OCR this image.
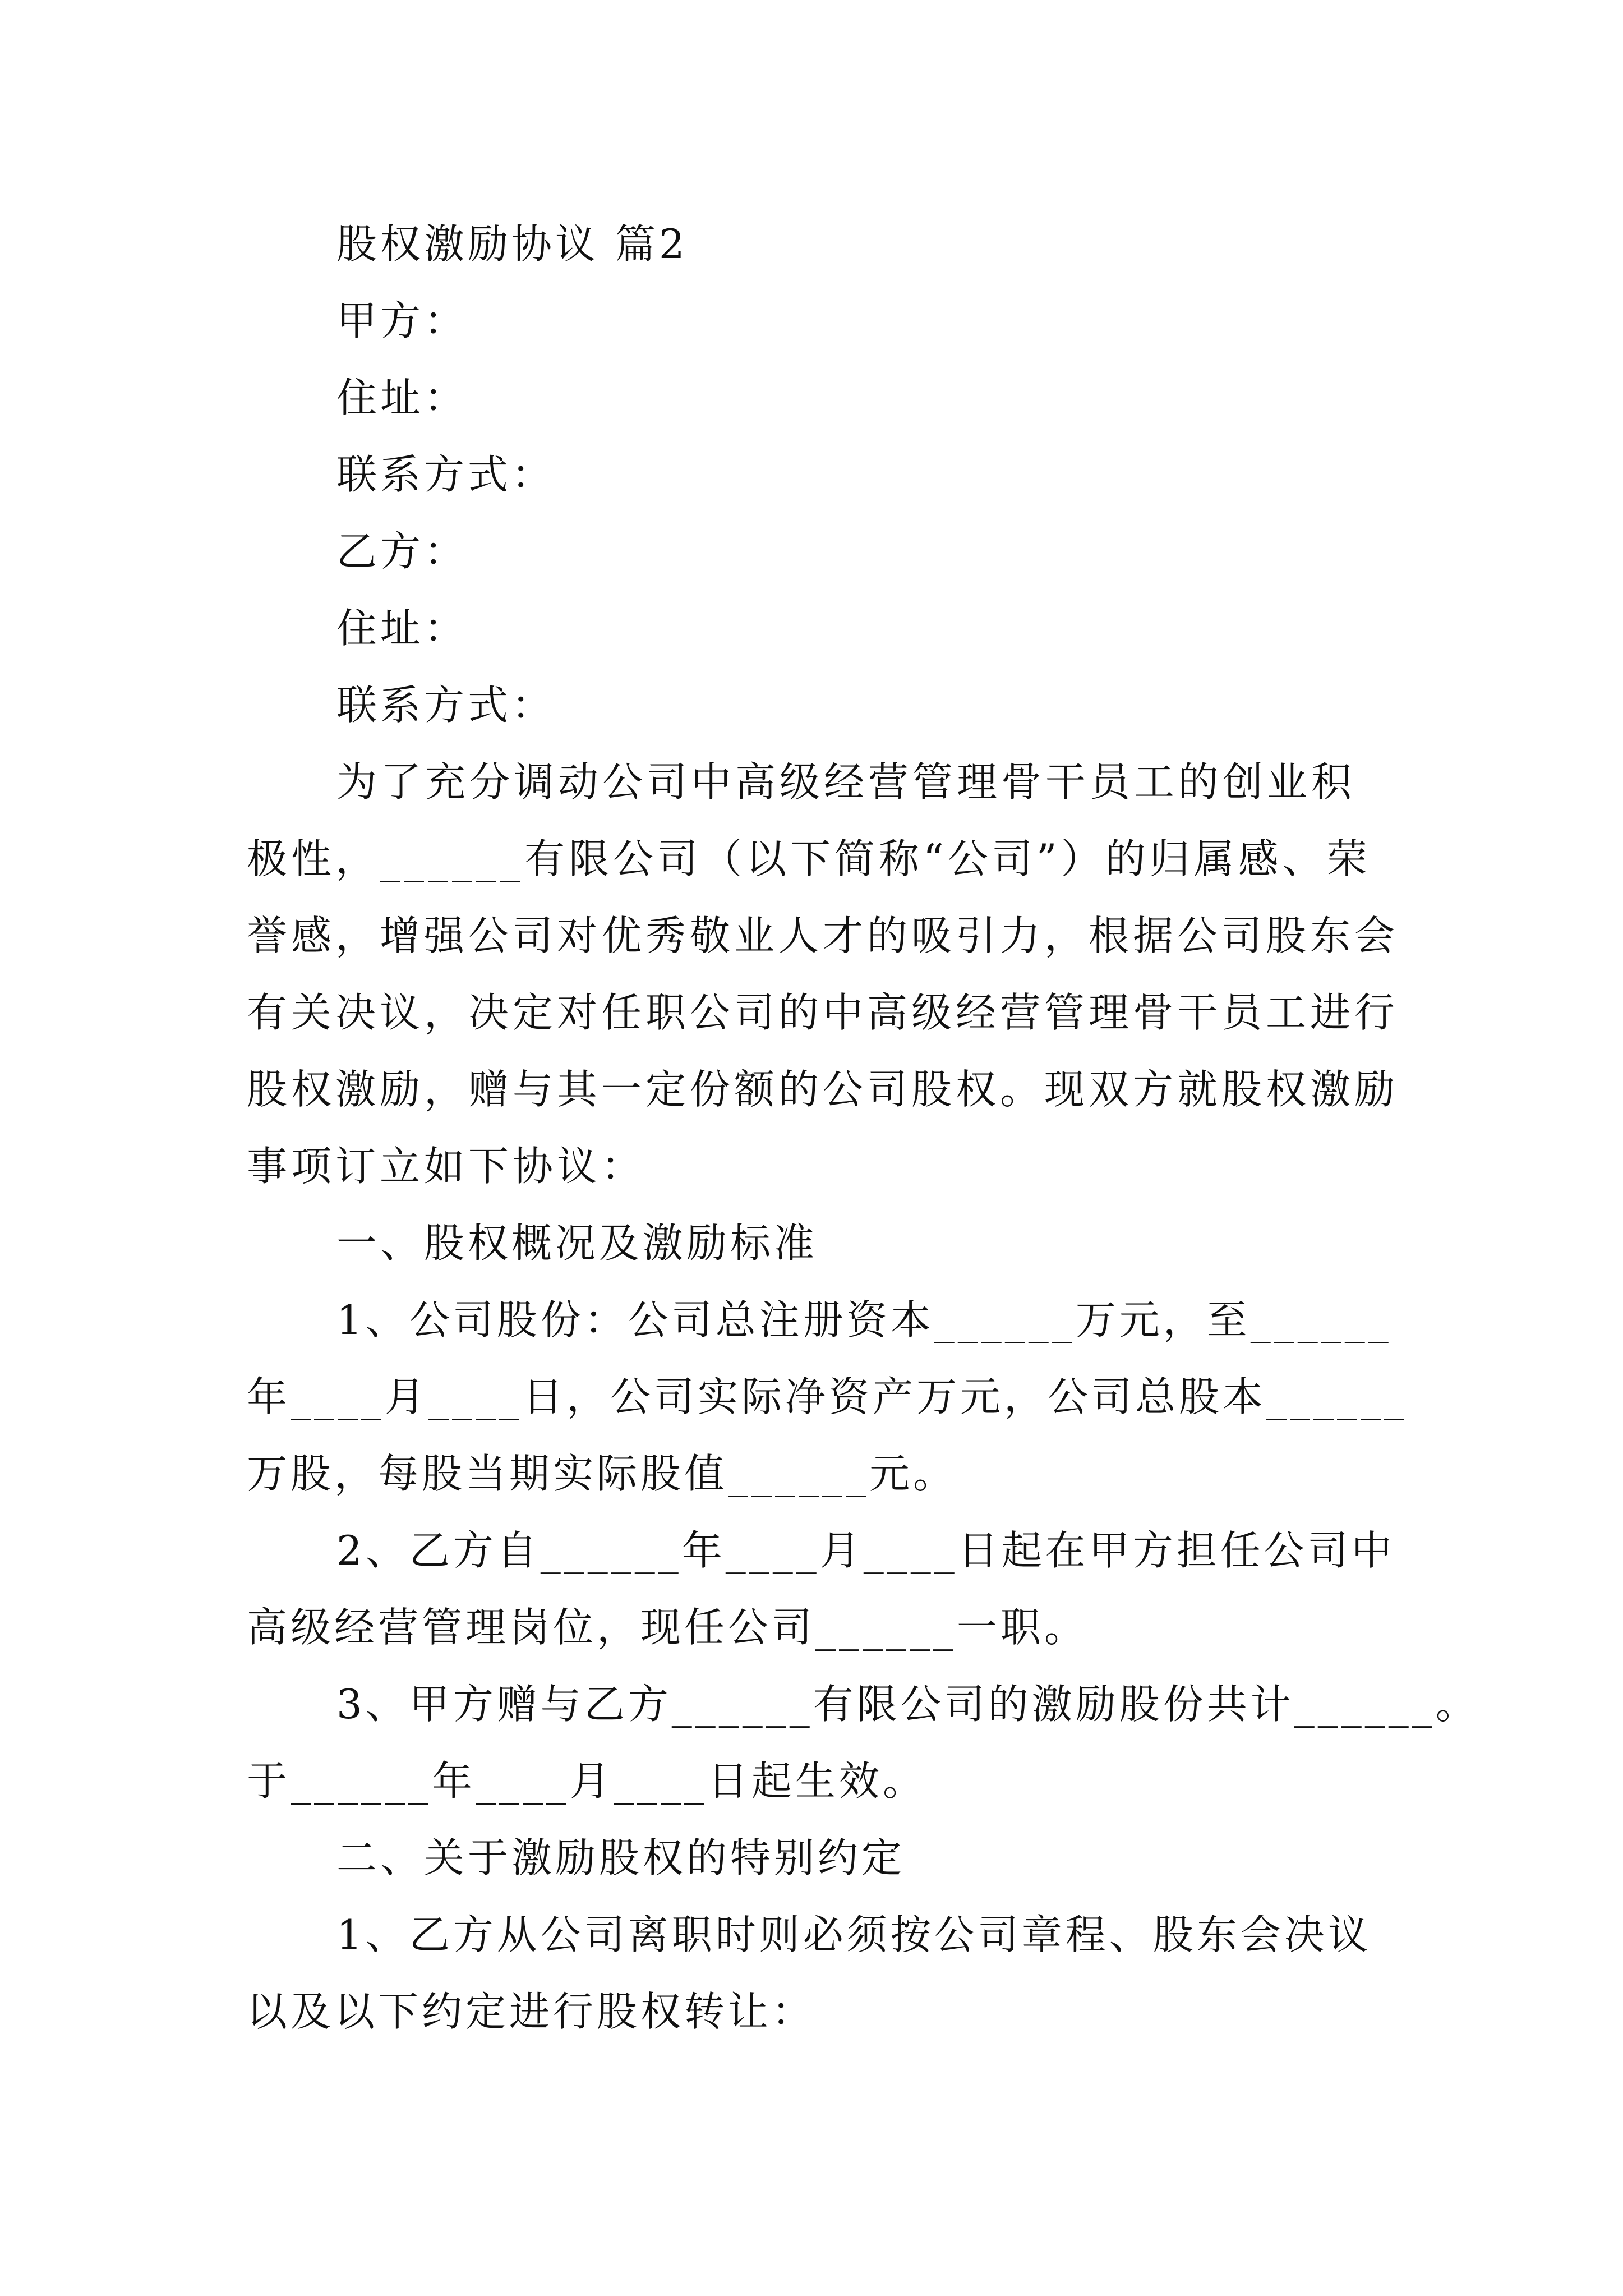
股权激励协议 篇2
甲方：
住址：
联系方式：
乙方：
住址：
联系方式：
为了充分调动公司中高级经营管理骨干员工的创业积
极性，______有限公司（以下简称“公司”）的归属感、荣
誉感，增强公司对优秀敬业人才的吸引力，根据公司股东会
有关决议，决定对任职公司的中高级经营管理骨干员工进行
股权激励，赠与其一定份额的公司股权。现双方就股权激励
事项订立如下协议：
一、股权概况及激励标准
1、公司股份：公司总注册资本______万元，至______
年____月____日，公司实际净资产万元，公司总股本______
万股，每股当期实际股值______元。
2、乙方自______年____月____日起在甲方担任公司中
高级经营管理岗位，现任公司______一职。
3、甲方赠与乙方______有限公司的激励股份共计______。
于______年____月____日起生效。
二、关于激励股权的特别约定
1、乙方从公司离职时则必须按公司章程、股东会决议
以及以下约定进行股权转让：
